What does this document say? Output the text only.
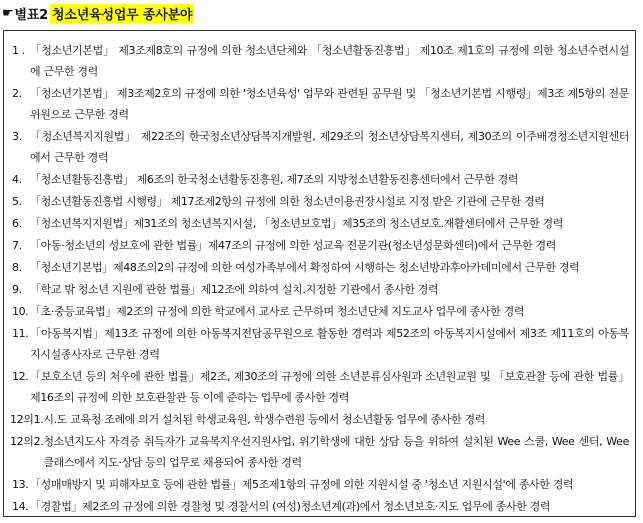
☛ 별표2 청소년육성업무 종사분야
1 . 「청소년기본법」 제3조제8호의 규정에 의한 청소년단체와 「청소년활동진흥법」 제10조 제1호의 규정에 의한 청소년수련시설에 근무한 경력
2. 「청소년기본법」 제3조제2호의 규정에 의한 '청소년육성' 업무와 관련된 공무원 및 「청소년기본법 시행령」제3조 제5항의 전문위원으로 근무한 경력
3. 「청소년복지지원법」 제22조의 한국청소년상담복지개발원, 제29조의 청소년상담복지센터, 제30조의 이주배경청소년지원센터에서 근무한 경력
4. 「청소년활동진흥법」 제6조의 한국청소년활동진흥원, 제7조의 지방청소년활동진흥센터에서 근무한 경력
5. 「청소년활동진흥법 시행령」 제17조제2항의 규정에 의한 청소년이용권장시설로 지정 받은 기관에 근무한 경력
6. 「청소년복지지원법」제31조의 청소년복지시설, 「청소년보호법」제35조의 청소년보호.재활센터에서 근무한 경력
7. 「아동·청소년의 성보호에 관한 법률」제47조의 규정에 의한 성교육 전문기관(청소년성문화센터)에서 근무한 경력
8. 「청소년기본법」제48조의2의 규정에 의한 여성가족부에서 확정하여 시행하는 청소년방과후아카데미에서 근무한 경력
9. 「학교 밖 청소년 지원에 관한 법률」제12조에 의하여 설치.지정한 기관에서 종사한 경력
10. 「초·중등교육법」제2조의 규정에 의한 학교에서 교사로 근무하며 청소년단체 지도교사 업무에 종사한 경력
11. 「아동복지법」제13조 규정에 의한 아동복지전담공무원으로 활동한 경력과 제52조의 아동복지시설에서 제3조 제11호의 아동복지시설종사자로 근무한 경력
12. 「보호소년 등의 처우에 관한 법률」제2조, 제30조의 규정에 의한 소년분류심사원과 소년원교원 및 「보호관찰 등에 관한 법률」 제16조의 규정에 의한 보호관찰관 등 이에 준하는 업무에 종사한 경력
12의1. 시.도 교육청 조례에 의거 설치된 학생교육원, 학생수련원 등에서 청소년활동 업무에 종사한 경력
12의2. 청소년지도사 자격증 취득자가 교육복지우선지원사업, 위기학생에 대한 상담 등을 위하여 설치된 Wee 스쿨, Wee 센터, Wee 클래스에서 지도·상담 등의 업무로 채용되어 종사한 경력
13. 「성매매방지 및 피해자보호 등에 관한 법률」제5조제1항의 규정에 의한 지원시설 중 '청소년 지원시설'에 종사한 경력
14. 「경찰법」제2조의 규정에 의한 경찰청 및 경찰서의 (여성)청소년계(과)에서 청소년보호·지도 업무에 종사한 경력
